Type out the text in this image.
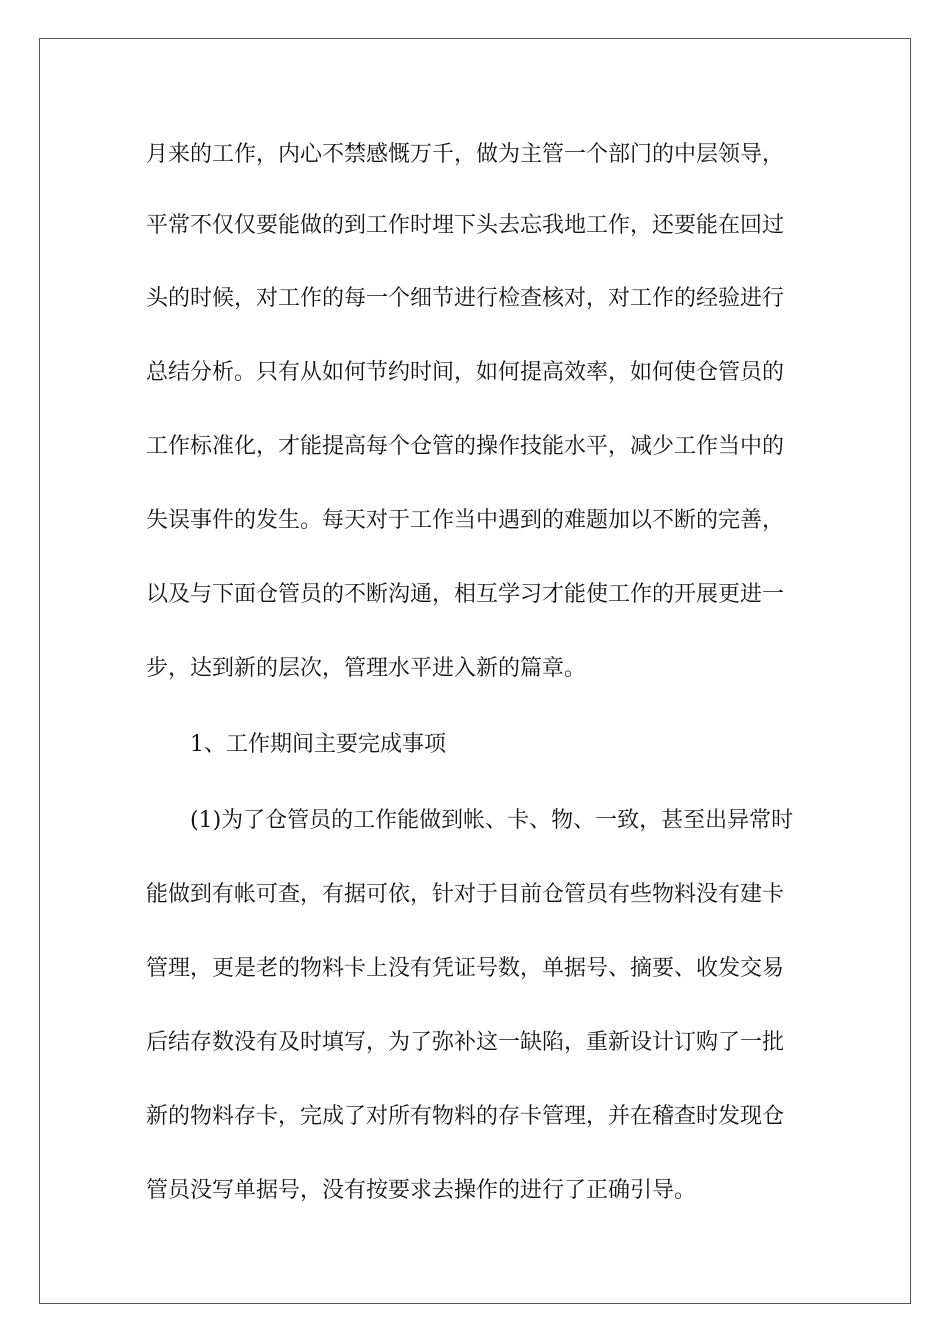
月来的工作，内心不禁感慨万千，做为主管一个部门的中层领导，

平常不仅仅要能做的到工作时埋下头去忘我地工作，还要能在回过

头的时候，对工作的每一个细节进行检查核对，对工作的经验进行

总结分析。只有从如何节约时间，如何提高效率，如何使仓管员的

工作标准化，才能提高每个仓管的操作技能水平，减少工作当中的

失误事件的发生。每天对于工作当中遇到的难题加以不断的完善，

以及与下面仓管员的不断沟通，相互学习才能使工作的开展更进一

步，达到新的层次，管理水平进入新的篇章。

1、工作期间主要完成事项

(1)为了仓管员的工作能做到帐、卡、物、一致，甚至出异常时

能做到有帐可查，有据可依，针对于目前仓管员有些物料没有建卡

管理，更是老的物料卡上没有凭证号数，单据号、摘要、收发交易

后结存数没有及时填写，为了弥补这一缺陷，重新设计订购了一批

新的物料存卡，完成了对所有物料的存卡管理，并在稽查时发现仓

管员没写单据号，没有按要求去操作的进行了正确引导。
